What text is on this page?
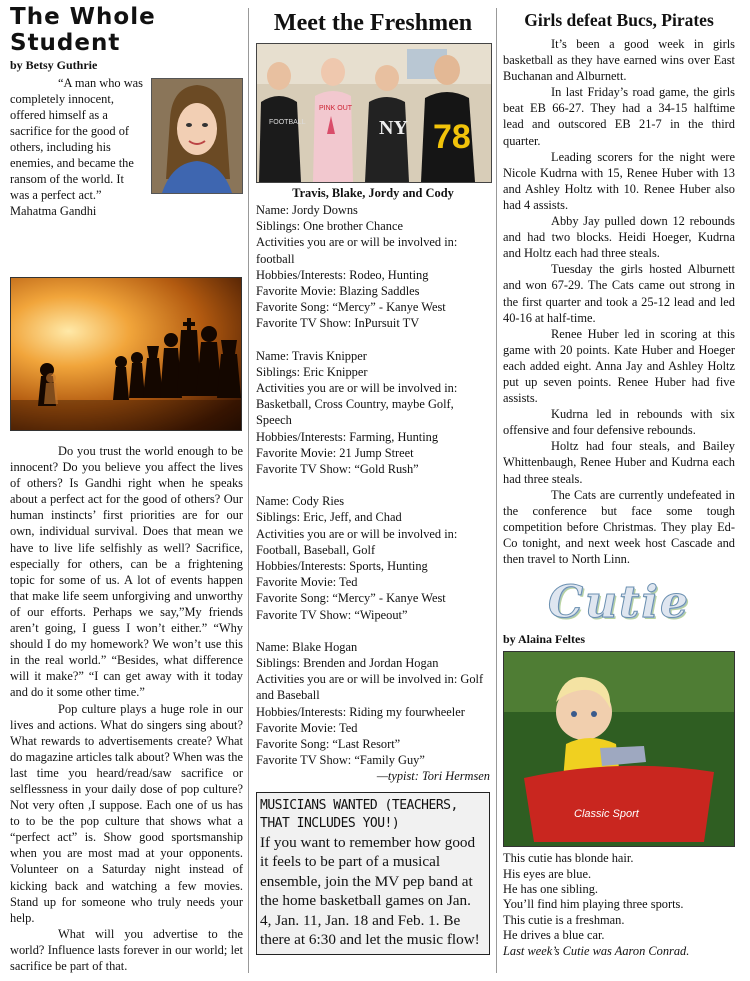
The Whole Student
by Betsy Guthrie

“A man who was completely innocent, offered himself as a sacrifice for the good of others, including his enemies, and became the ransom of the world. It was a perfect act.” Mahatma Gandhi

Do you trust the world enough to be innocent? Do you believe you affect the lives of others? Is Gandhi right when he speaks about a perfect act for the good of others? Our human instincts’ first priorities are for our own, individual survival. Does that mean we have to live life selfishly as well? Sacrifice, especially for others, can be a frightening topic for some of us. A lot of events happen that make life seem unforgiving and unworthy of our efforts. Perhaps we say,”My friends aren’t going, I guess I won’t either.” “Why should I do my homework? We won’t use this in the real world.” “Besides, what difference will it make?” “I can get away with it today and do it some other time.”

Pop culture plays a huge role in our lives and actions. What do singers sing about? What rewards to advertisements create? What do magazine articles talk about? When was the last time you heard/read/saw sacrifice or selflessness in your daily dose of pop culture? Not very often ,I suppose. Each one of us has to to be the pop culture that shows what a “perfect act” is. Show good sportsmanship when you are most mad at your opponents. Volunteer on a Saturday night instead of kicking back and watching a few movies. Stand up for someone who truly needs your help.

What will you advertise to the world? Influence lasts forever in our world; let sacrifice be part of that.

Meet the Freshmen
FOOTBALL
PINK OUT
NY 78
Travis, Blake, Jordy and Cody
Name: Jordy Downs
Siblings: One brother Chance
Activities you are or will be involved in: football
Hobbies/Interests: Rodeo, Hunting
Favorite Movie: Blazing Saddles
Favorite Song: “Mercy” - Kanye West
Favorite TV Show: InPursuit TV
Name: Travis Knipper
Siblings: Eric Knipper
Activities you are or will be involved in: Basketball, Cross Country, maybe Golf, Speech
Hobbies/Interests: Farming, Hunting
Favorite Movie: 21 Jump Street
Favorite TV Show: “Gold Rush”
Name: Cody Ries
Siblings: Eric, Jeff, and Chad
Activities you are or will be involved in: Football, Baseball, Golf
Hobbies/Interests: Sports, Hunting
Favorite Movie: Ted
Favorite Song: “Mercy” - Kanye West
Favorite TV Show: “Wipeout”
Name: Blake Hogan
Siblings: Brenden and Jordan Hogan
Activities you are or will be involved in: Golf and Baseball
Hobbies/Interests: Riding my fourwheeler
Favorite Movie: Ted
Favorite Song: “Last Resort”
Favorite TV Show: “Family Guy”
—typist: Tori Hermsen
MUSICIANS WANTED (TEACHERS, THAT INCLUDES YOU!)
If you want to remember how good it feels to be part of a musical ensemble, join the MV pep band at the home basketball games on Jan. 4, Jan. 11, Jan. 18 and Feb. 1. Be there at 6:30 and let the music flow!
Girls defeat Bucs, Pirates

It’s been a good week in girls basketball as they have earned wins over East Buchanan and Alburnett.

In last Friday’s road game, the girls beat EB 66-27. They had a 34-15 halftime lead and outscored EB 21-7 in the third quarter.

Leading scorers for the night were Nicole Kudrna with 15, Renee Huber with 13 and Ashley Holtz with 10. Renee Huber also had 4 assists.

Abby Jay pulled down 12 rebounds and had two blocks. Heidi Hoeger, Kudrna and Holtz each had three steals.

Tuesday the girls hosted Alburnett and won 67-29. The Cats came out strong in the first quarter and took a 25-12 lead and led 40-16 at half-time.

Renee Huber led in scoring at this game with 20 points. Kate Huber and Hoeger each added eight. Anna Jay and Ashley Holtz put up seven points. Renee Huber had five assists.

Kudrna led in rebounds with six offensive and four defensive rebounds.

Holtz had four steals, and Bailey Whittenbaugh, Renee Huber and Kudrna each had three steals.

The Cats are currently undefeated in the conference but face some tough competition before Christmas. They play Ed-Co tonight, and next week host Cascade and then travel to North Linn.

Cutie
by Alaina Feltes
Classic Sport
This cutie has blonde hair.
His eyes are blue.
He has one sibling.
You’ll find him playing three sports.
This cutie is a freshman.
He drives a blue car.
Last week’s Cutie was Aaron Conrad.
